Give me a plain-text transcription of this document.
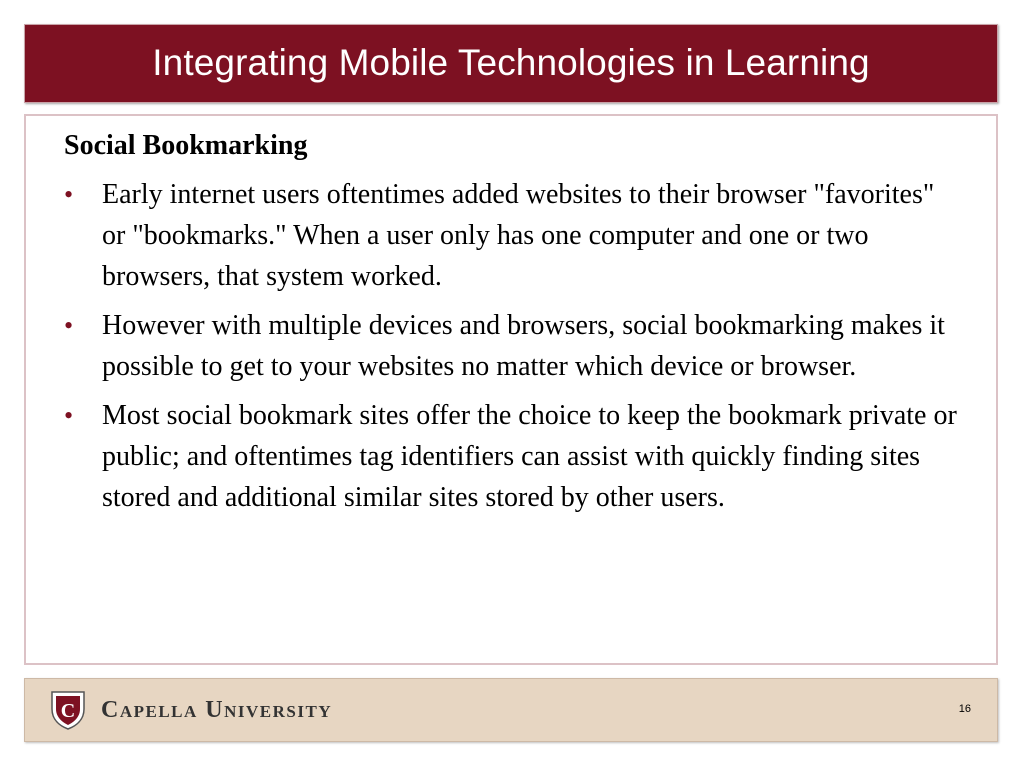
Integrating Mobile Technologies in Learning
Social Bookmarking
• Early internet users oftentimes added websites to their browser "favorites" or "bookmarks." When a user only has one computer and one or two browsers, that system worked.
• However with multiple devices and browsers, social bookmarking makes it possible to get to your websites no matter which device or browser.
• Most social bookmark sites offer the choice to keep the bookmark private or public; and oftentimes tag identifiers can assist with quickly finding sites stored and additional similar sites stored by other users.
C Capella University	16
